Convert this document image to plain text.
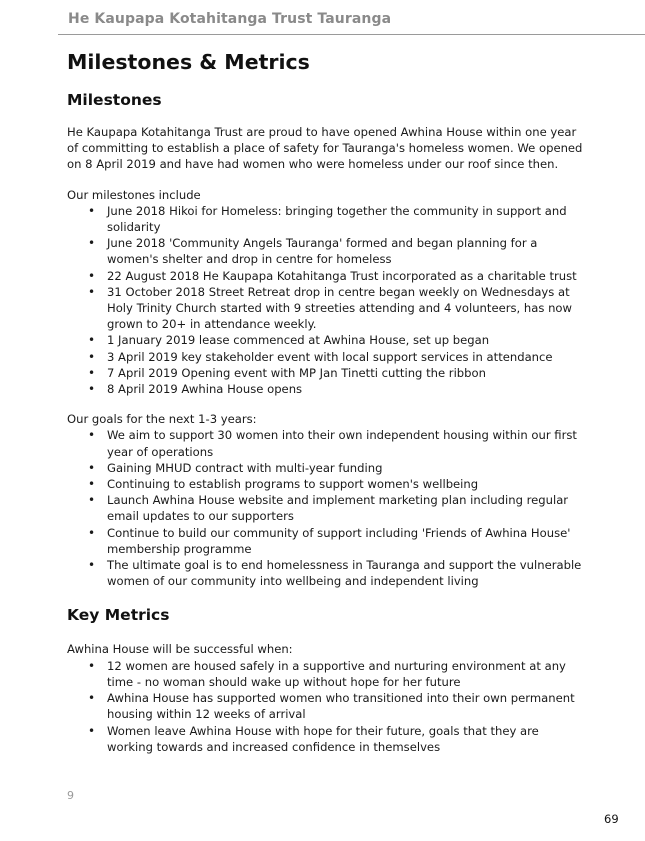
He Kaupapa Kotahitanga Trust Tauranga
Milestones & Metrics
Milestones

He Kaupapa Kotahitanga Trust are proud to have opened Awhina House within one year of committing to establish a place of safety for Tauranga's homeless women. We opened on 8 April 2019 and have had women who were homeless under our roof since then.

Our milestones include

• June 2018 Hikoi for Homeless: bringing together the community in support and solidarity
• June 2018 'Community Angels Tauranga' formed and began planning for a women's shelter and drop in centre for homeless
• 22 August 2018 He Kaupapa Kotahitanga Trust incorporated as a charitable trust
• 31 October 2018 Street Retreat drop in centre began weekly on Wednesdays at Holy Trinity Church started with 9 streeties attending and 4 volunteers, has now grown to 20+ in attendance weekly.
• 1 January 2019 lease commenced at Awhina House, set up began
• 3 April 2019 key stakeholder event with local support services in attendance
• 7 April 2019 Opening event with MP Jan Tinetti cutting the ribbon
• 8 April 2019 Awhina House opens

Our goals for the next 1-3 years:

• We aim to support 30 women into their own independent housing within our first year of operations
• Gaining MHUD contract with multi-year funding
• Continuing to establish programs to support women's wellbeing
• Launch Awhina House website and implement marketing plan including regular email updates to our supporters
• Continue to build our community of support including 'Friends of Awhina House' membership programme
• The ultimate goal is to end homelessness in Tauranga and support the vulnerable women of our community into wellbeing and independent living
Key Metrics

Awhina House will be successful when:

• 12 women are housed safely in a supportive and nurturing environment at any time - no woman should wake up without hope for her future
• Awhina House has supported women who transitioned into their own permanent housing within 12 weeks of arrival
• Women leave Awhina House with hope for their future, goals that they are working towards and increased confidence in themselves
9
69
